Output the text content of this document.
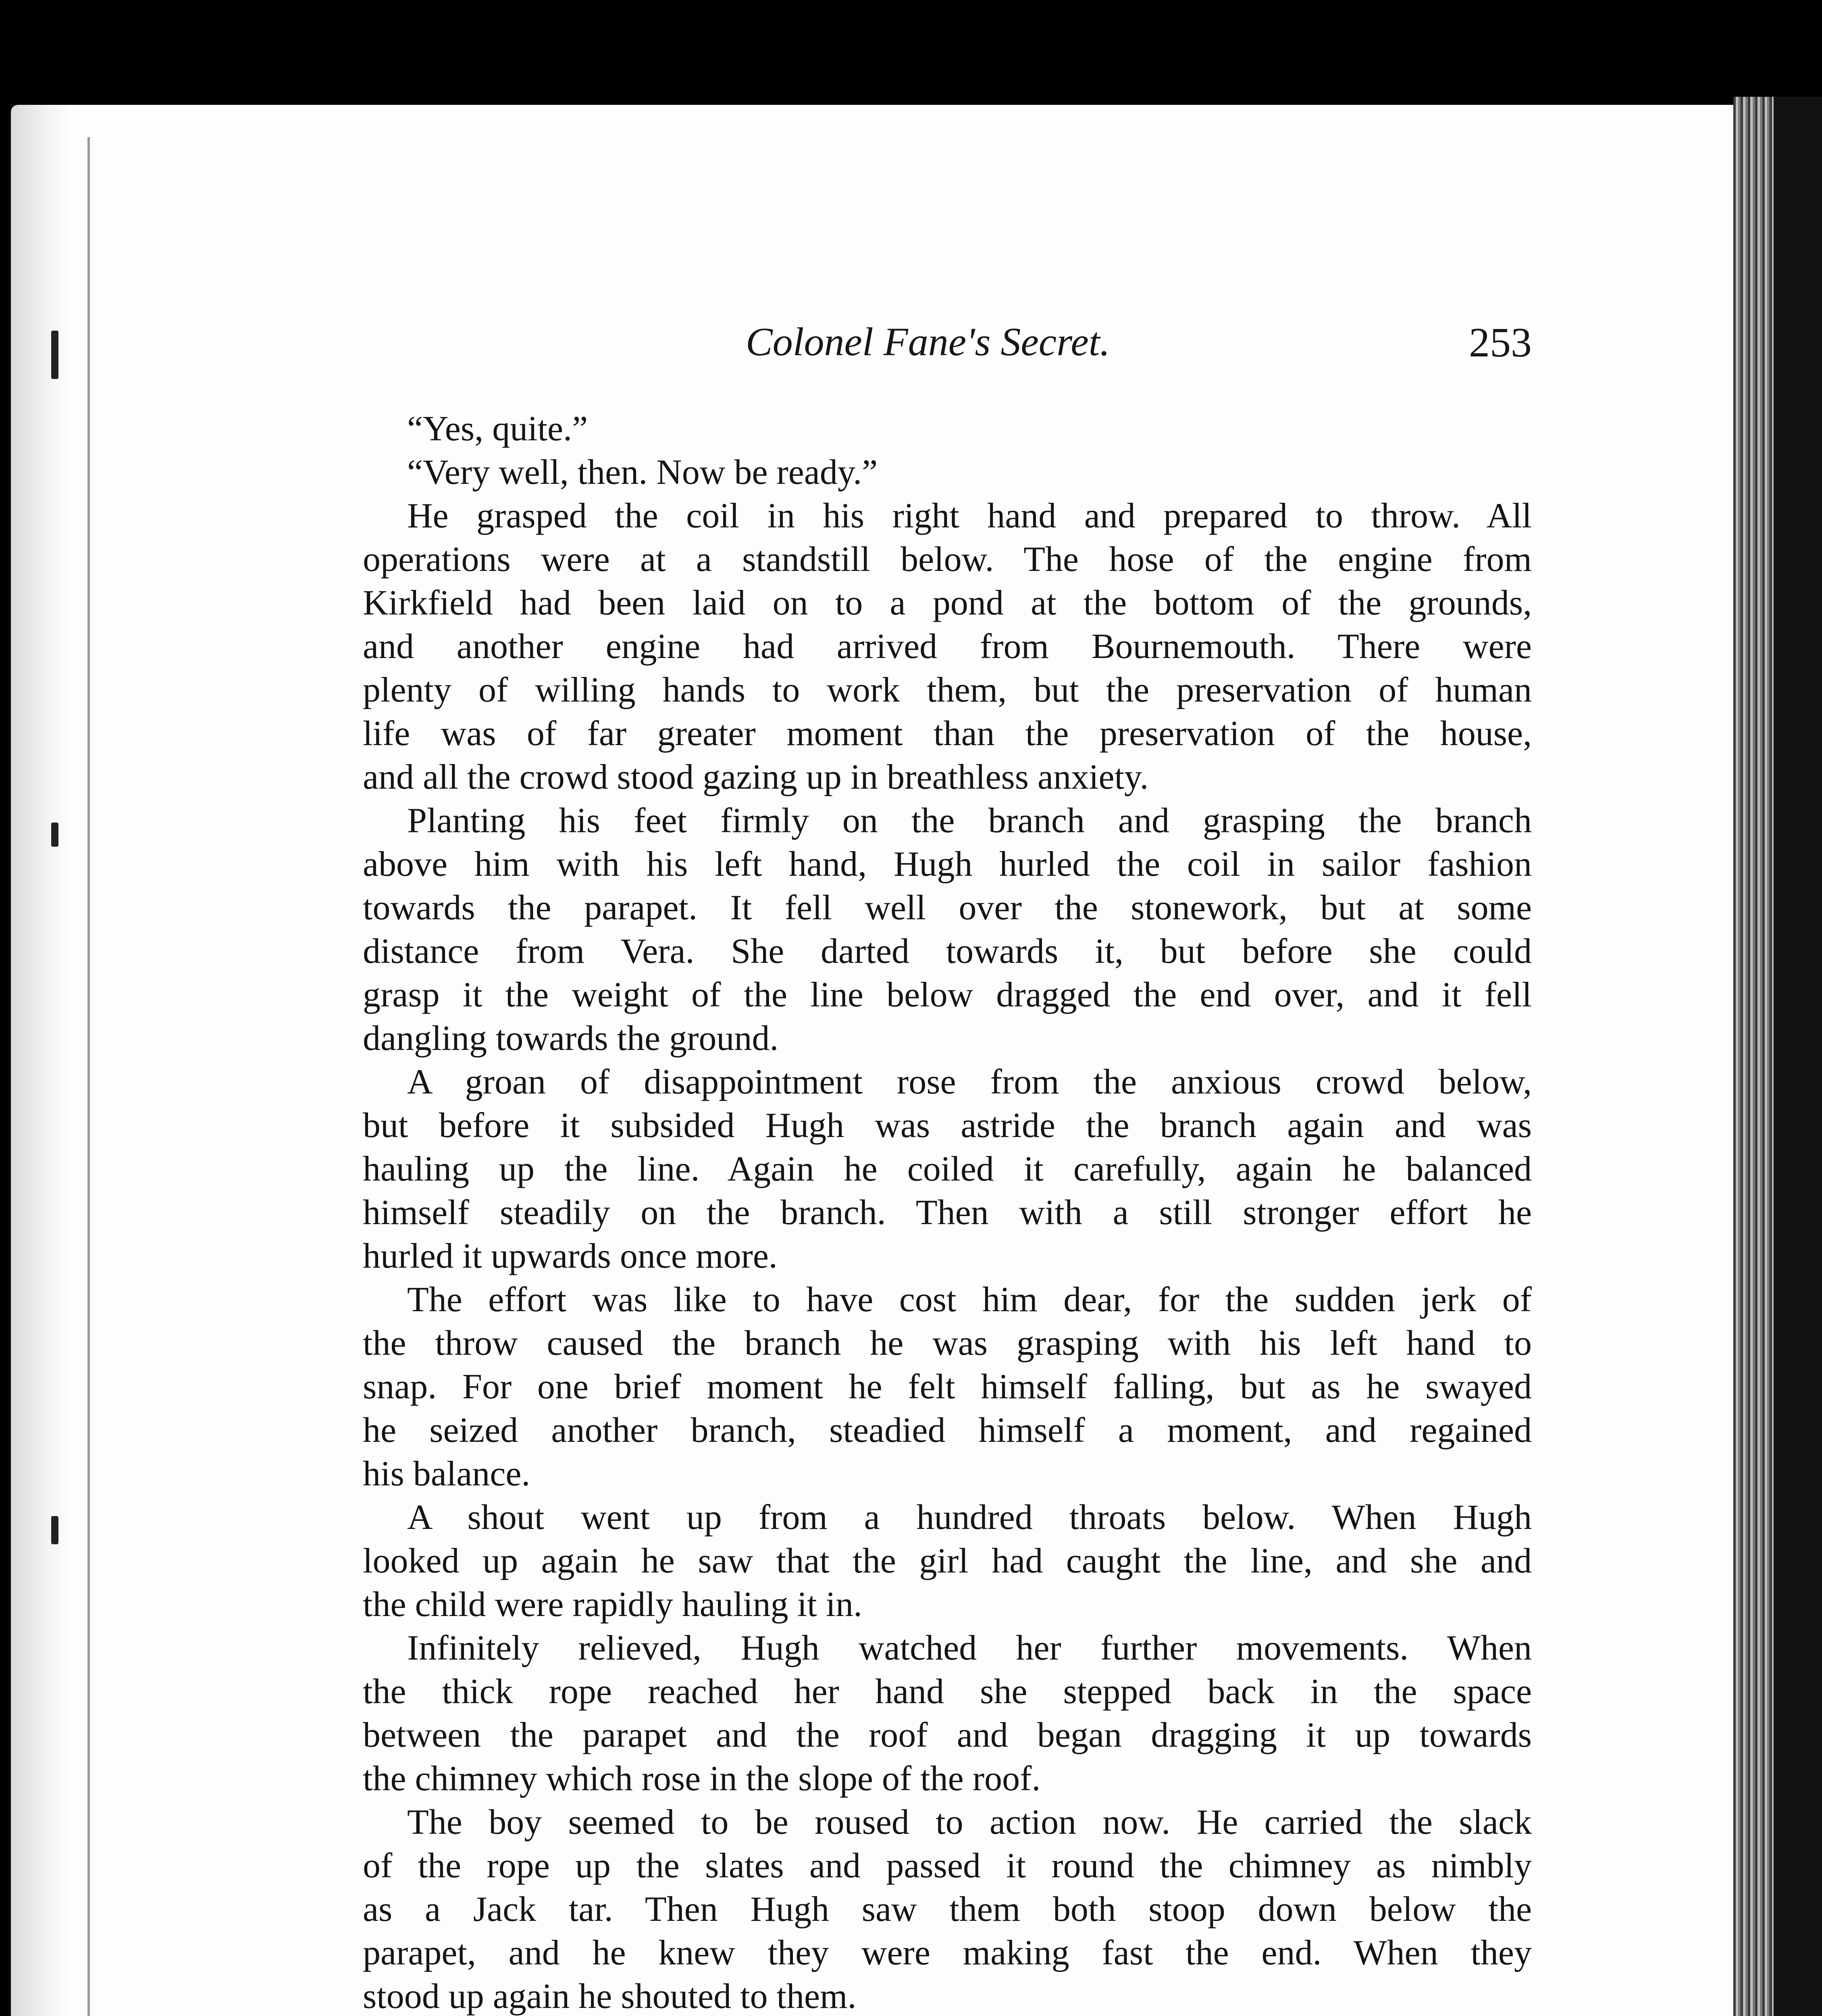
Colonel Fane's Secret.	253
“Yes, quite.”
“Very well, then. Now be ready.”
He grasped the coil in his right hand and prepared to throw. All
operations were at a standstill below. The hose of the engine from
Kirkfield had been laid on to a pond at the bottom of the grounds,
and another engine had arrived from Bournemouth. There were
plenty of willing hands to work them, but the preservation of human
life was of far greater moment than the preservation of the house,
and all the crowd stood gazing up in breathless anxiety.
Planting his feet firmly on the branch and grasping the branch
above him with his left hand, Hugh hurled the coil in sailor fashion
towards the parapet. It fell well over the stonework, but at some
distance from Vera. She darted towards it, but before she could
grasp it the weight of the line below dragged the end over, and it fell
dangling towards the ground.
A groan of disappointment rose from the anxious crowd below,
but before it subsided Hugh was astride the branch again and was
hauling up the line. Again he coiled it carefully, again he balanced
himself steadily on the branch. Then with a still stronger effort he
hurled it upwards once more.
The effort was like to have cost him dear, for the sudden jerk of
the throw caused the branch he was grasping with his left hand to
snap. For one brief moment he felt himself falling, but as he swayed
he seized another branch, steadied himself a moment, and regained
his balance.
A shout went up from a hundred throats below. When Hugh
looked up again he saw that the girl had caught the line, and she and
the child were rapidly hauling it in.
Infinitely relieved, Hugh watched her further movements. When
the thick rope reached her hand she stepped back in the space
between the parapet and the roof and began dragging it up towards
the chimney which rose in the slope of the roof.
The boy seemed to be roused to action now. He carried the slack
of the rope up the slates and passed it round the chimney as nimbly
as a Jack tar. Then Hugh saw them both stoop down below the
parapet, and he knew they were making fast the end. When they
stood up again he shouted to them.
